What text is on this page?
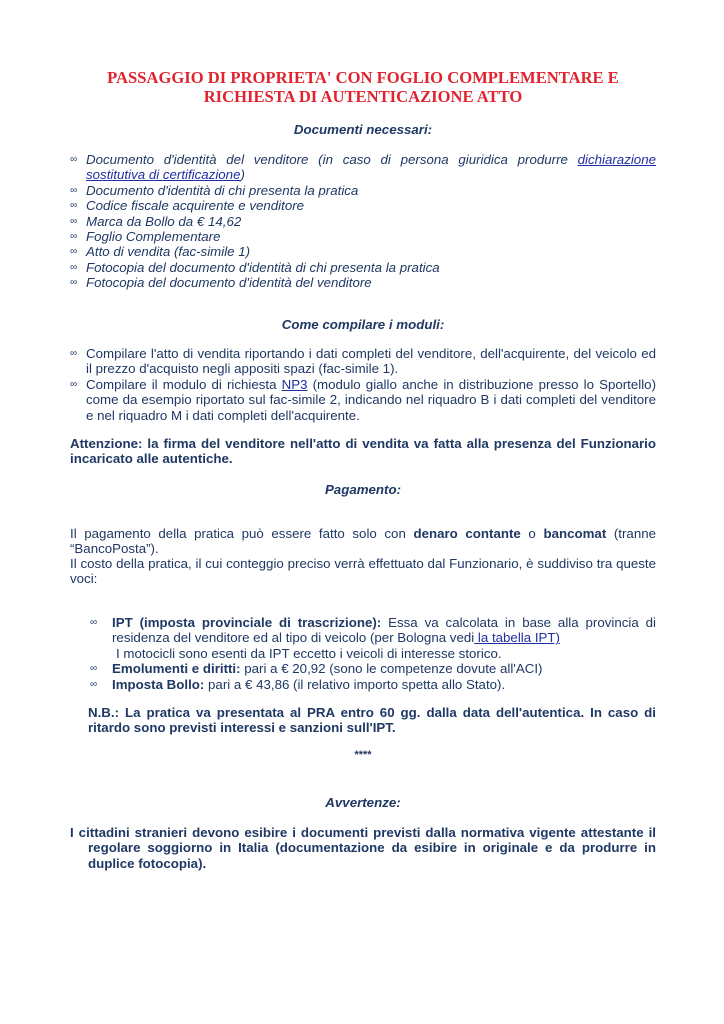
PASSAGGIO DI PROPRIETA' CON FOGLIO COMPLEMENTARE E RICHIESTA DI AUTENTICAZIONE ATTO
Documenti necessari:
∞ Documento d'identità del venditore (in caso di persona giuridica produrre dichiarazione sostitutiva di certificazione)
∞ Documento d'identità di chi presenta la pratica
∞ Codice fiscale acquirente e venditore
∞ Marca da Bollo da € 14,62
∞ Foglio Complementare
∞ Atto di vendita (fac-simile 1)
∞ Fotocopia del documento d'identità di chi presenta la pratica
∞ Fotocopia del documento d'identità del venditore
Come compilare i moduli:
∞ Compilare l'atto di vendita riportando i dati completi del venditore, dell'acquirente, del veicolo ed il prezzo d'acquisto negli appositi spazi (fac-simile 1).
∞ Compilare il modulo di richiesta NP3 (modulo giallo anche in distribuzione presso lo Sportello) come da esempio riportato sul fac-simile 2, indicando nel riquadro B i dati completi del venditore e nel riquadro M i dati completi dell'acquirente.
Attenzione: la firma del venditore nell'atto di vendita va fatta alla presenza del Funzionario incaricato alle autentiche.
Pagamento:
Il pagamento della pratica può essere fatto solo con denaro contante o bancomat (tranne “BancoPosta”).
Il costo della pratica, il cui conteggio preciso verrà effettuato dal Funzionario, è suddiviso tra queste voci:
∞ IPT (imposta provinciale di trascrizione): Essa va calcolata in base alla provincia di residenza del venditore ed al tipo di veicolo (per Bologna vedi la tabella IPT)
I motocicli sono esenti da IPT eccetto i veicoli di interesse storico.
∞ Emolumenti e diritti: pari a € 20,92 (sono le competenze dovute all'ACI)
∞ Imposta Bollo: pari a € 43,86 (il relativo importo spetta allo Stato).
N.B.: La pratica va presentata al PRA entro 60 gg. dalla data dell'autentica. In caso di ritardo sono previsti interessi e sanzioni sull'IPT.
****
Avvertenze:
I cittadini stranieri devono esibire i documenti previsti dalla normativa vigente attestante il regolare soggiorno in Italia (documentazione da esibire in originale e da produrre in duplice fotocopia).
